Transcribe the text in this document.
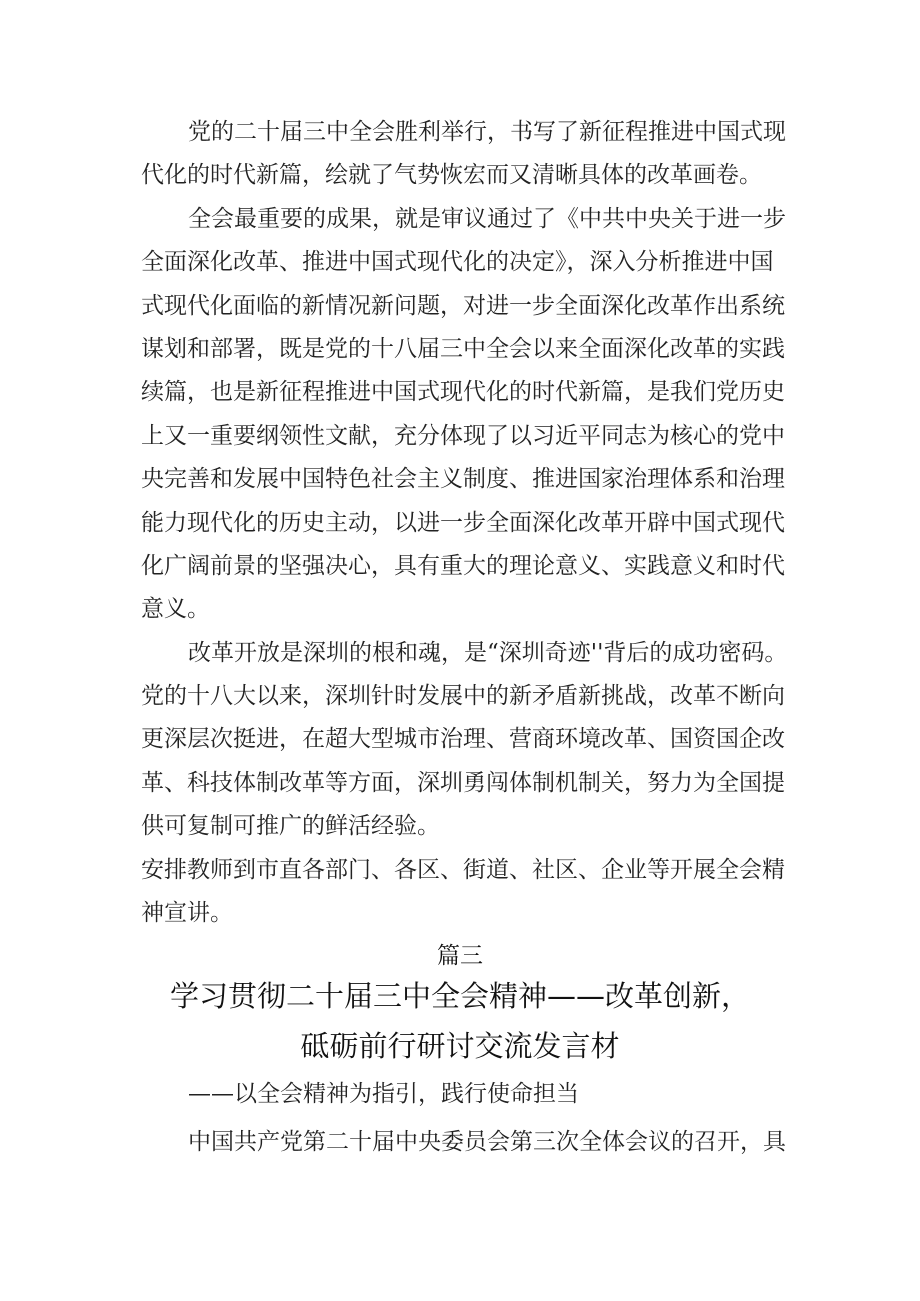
党的二十届三中全会胜利举行，书写了新征程推进中国式现
代化的时代新篇，绘就了气势恢宏而又清晰具体的改革画卷。
全会最重要的成果，就是审议通过了《中共中央关于进一步
全面深化改革、推进中国式现代化的决定》，深入分析推进中国
式现代化面临的新情况新问题，对进一步全面深化改革作出系统
谋划和部署，既是党的十八届三中全会以来全面深化改革的实践
续篇，也是新征程推进中国式现代化的时代新篇，是我们党历史
上又一重要纲领性文献，充分体现了以习近平同志为核心的党中
央完善和发展中国特色社会主义制度、推进国家治理体系和治理
能力现代化的历史主动，以进一步全面深化改革开辟中国式现代
化广阔前景的坚强决心，具有重大的理论意义、实践意义和时代
意义。
改革开放是深圳的根和魂，是“深圳奇迹''背后的成功密码。
党的十八大以来，深圳针时发展中的新矛盾新挑战，改革不断向
更深层次挺进，在超大型城市治理、营商环境改革、国资国企改
革、科技体制改革等方面，深圳勇闯体制机制关，努力为全国提
供可复制可推广的鲜活经验。
安排教师到市直各部门、各区、街道、社区、企业等开展全会精
神宣讲。
篇三
学习贯彻二十届三中全会精神——改革创新，
砥砺前行研讨交流发言材
——以全会精神为指引，践行使命担当
中国共产党第二十届中央委员会第三次全体会议的召开，具
